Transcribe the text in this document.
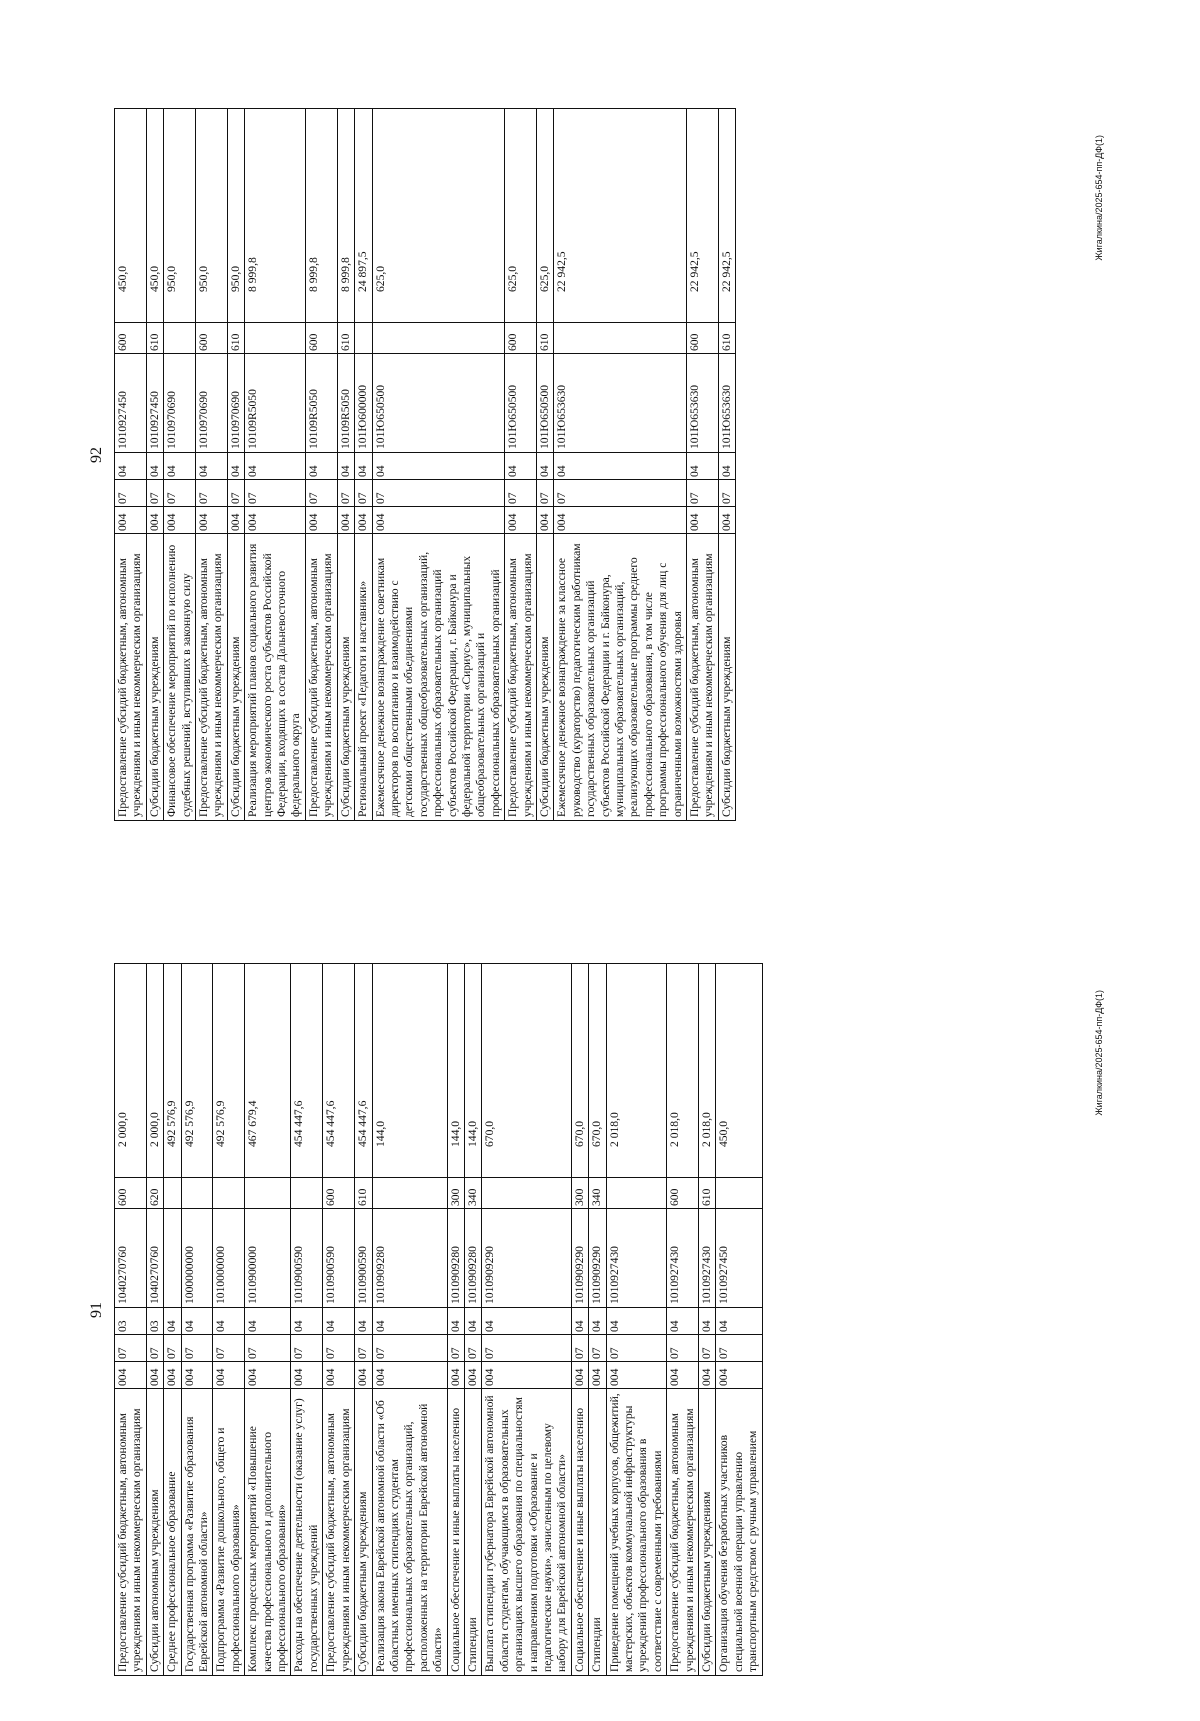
91
Предоставление субсидий бюджетным, автономным учреждениям и иным некоммерческим организациям	004	07	03	1040270760	600	2 000,0
Субсидии автономным учреждениям	004	07	03	1040270760	620	2 000,0
Среднее профессиональное образование	004	07	04			492 576,9
Государственная программа «Развитие образования Еврейской автономной области»	004	07	04	1000000000		492 576,9
Подпрограмма «Развитие дошкольного, общего и профессионального образования»	004	07	04	1010000000		492 576,9
Комплекс процессных мероприятий «Повышение качества профессионального и дополнительного профессионального образования»	004	07	04	1010900000		467 679,4
Расходы на обеспечение деятельности (оказание услуг) государственных учреждений	004	07	04	1010900590		454 447,6
Предоставление субсидий бюджетным, автономным учреждениям и иным некоммерческим организациям	004	07	04	1010900590	600	454 447,6
Субсидии бюджетным учреждениям	004	07	04	1010900590	610	454 447,6
Реализация закона Еврейской автономной области «Об областных именных стипендиях студентам профессиональных образовательных организаций, расположенных на территории Еврейской автономной области»	004	07	04	1010909280		144,0
Социальное обеспечение и иные выплаты населению	004	07	04	1010909280	300	144,0
Стипендии	004	07	04	1010909280	340	144,0
Выплата стипендии губернатора Еврейской автономной области студентам, обучающимся в образовательных организациях высшего образования по специальностям и направлениям подготовки «Образование и педагогические науки», зачисленным по целевому набору для Еврейской автономной области»	004	07	04	1010909290		670,0
Социальное обеспечение и иные выплаты населению	004	07	04	1010909290	300	670,0
Стипендии	004	07	04	1010909290	340	670,0
Приведение помещений учебных корпусов, общежитий, мастерских, объектов коммунальной инфраструктуры учреждений профессионального образования в соответствие с современными требованиями	004	07	04	1010927430		2 018,0
Предоставление субсидий бюджетным, автономным учреждениям и иным некоммерческим организациям	004	07	04	1010927430	600	2 018,0
Субсидии бюджетным учреждениям	004	07	04	1010927430	610	2 018,0
Организация обучения безработных участников специальной военной операции управлению транспортным средством с ручным управлением	004	07	04	1010927450		450,0
Жигалкина/2025-654-пп-ДФ(1)
92
Предоставление субсидий бюджетным, автономным учреждениям и иным некоммерческим организациям	004	07	04	1010927450	600	450,0
Субсидии бюджетным учреждениям	004	07	04	1010927450	610	450,0
Финансовое обеспечение мероприятий по исполнению судебных решений, вступивших в законную силу	004	07	04	1010970690		950,0
Предоставление субсидий бюджетным, автономным учреждениям и иным некоммерческим организациям	004	07	04	1010970690	600	950,0
Субсидии бюджетным учреждениям	004	07	04	1010970690	610	950,0
Реализация мероприятий планов социального развития центров экономического роста субъектов Российской Федерации, входящих в состав Дальневосточного федерального округа	004	07	04	10109R5050		8 999,8
Предоставление субсидий бюджетным, автономным учреждениям и иным некоммерческим организациям	004	07	04	10109R5050	600	8 999,8
Субсидии бюджетным учреждениям	004	07	04	10109R5050	610	8 999,8
Региональный проект «Педагоги и наставники»	004	07	04	101Ю600000		24 897,5
Ежемесячное денежное вознаграждение советникам директоров по воспитанию и взаимодействию с детскими общественными объединениями государственных общеобразовательных организаций, профессиональных образовательных организаций субъектов Российской Федерации, г. Байконура и федеральной территории «Сириус», муниципальных общеобразовательных организаций и профессиональных образовательных организаций	004	07	04	101Ю650500		625,0
Предоставление субсидий бюджетным, автономным учреждениям и иным некоммерческим организациям	004	07	04	101Ю650500	600	625,0
Субсидии бюджетным учреждениям	004	07	04	101Ю650500	610	625,0
Ежемесячное денежное вознаграждение за классное руководство (кураторство) педагогическим работникам государственных образовательных организаций субъектов Российской Федерации и г. Байконура, муниципальных образовательных организаций, реализующих образовательные программы среднего профессионального образования, в том числе программы профессионального обучения для лиц с ограниченными возможностями здоровья	004	07	04	101Ю653630		22 942,5
Предоставление субсидий бюджетным, автономным учреждениям и иным некоммерческим организациям	004	07	04	101Ю653630	600	22 942,5
Субсидии бюджетным учреждениям	004	07	04	101Ю653630	610	22 942,5
Жигалкина/2025-654-пп-ДФ(1)
